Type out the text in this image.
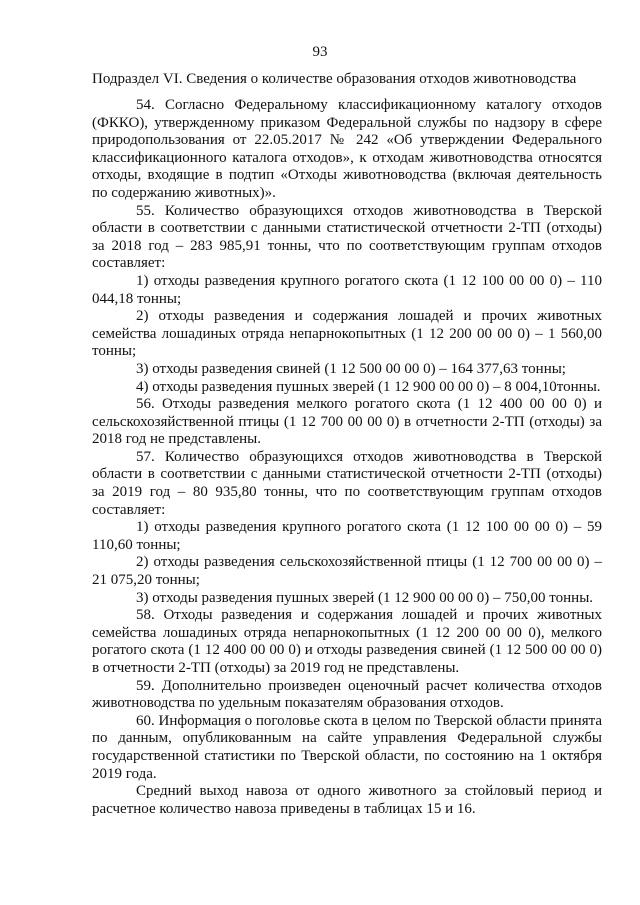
93
Подраздел VI. Сведения о количестве образования отходов животноводства

54. Согласно Федеральному классификационному каталогу отходов (ФККО), утвержденному приказом Федеральной службы по надзору в сфере природопользования от 22.05.2017 № 242 «Об утверждении Федерального классификационного каталога отходов», к отходам животноводства относятся отходы, входящие в подтип «Отходы животноводства (включая деятельность по содержанию животных)».

55. Количество образующихся отходов животноводства в Тверской области в соответствии с данными статистической отчетности 2-ТП (отходы) за 2018 год – 283 985,91 тонны, что по соответствующим группам отходов составляет:

1) отходы разведения крупного рогатого скота (1 12 100 00 00 0) – 110 044,18 тонны;

2) отходы разведения и содержания лошадей и прочих животных семейства лошадиных отряда непарнокопытных (1 12 200 00 00 0) – 1 560,00 тонны;

3) отходы разведения свиней (1 12 500 00 00 0) – 164 377,63 тонны;

4) отходы разведения пушных зверей (1 12 900 00 00 0) – 8 004,10тонны.

56. Отходы разведения мелкого рогатого скота (1 12 400 00 00 0) и сельскохозяйственной птицы (1 12 700 00 00 0) в отчетности 2-ТП (отходы) за 2018 год не представлены.

57. Количество образующихся отходов животноводства в Тверской области в соответствии с данными статистической отчетности 2-ТП (отходы) за 2019 год – 80 935,80 тонны, что по соответствующим группам отходов составляет:

1) отходы разведения крупного рогатого скота (1 12 100 00 00 0) – 59 110,60 тонны;

2) отходы разведения сельскохозяйственной птицы (1 12 700 00 00 0) – 21 075,20 тонны;

3) отходы разведения пушных зверей (1 12 900 00 00 0) – 750,00 тонны.

58. Отходы разведения и содержания лошадей и прочих животных семейства лошадиных отряда непарнокопытных (1 12 200 00 00 0), мелкого рогатого скота (1 12 400 00 00 0) и отходы разведения свиней (1 12 500 00 00 0) в отчетности 2-ТП (отходы) за 2019 год не представлены.

59. Дополнительно произведен оценочный расчет количества отходов животноводства по удельным показателям образования отходов.

60. Информация о поголовье скота в целом по Тверской области принята по данным, опубликованным на сайте управления Федеральной службы государственной статистики по Тверской области, по состоянию на 1 октября 2019 года.

Средний выход навоза от одного животного за стойловый период и расчетное количество навоза приведены в таблицах 15 и 16.
